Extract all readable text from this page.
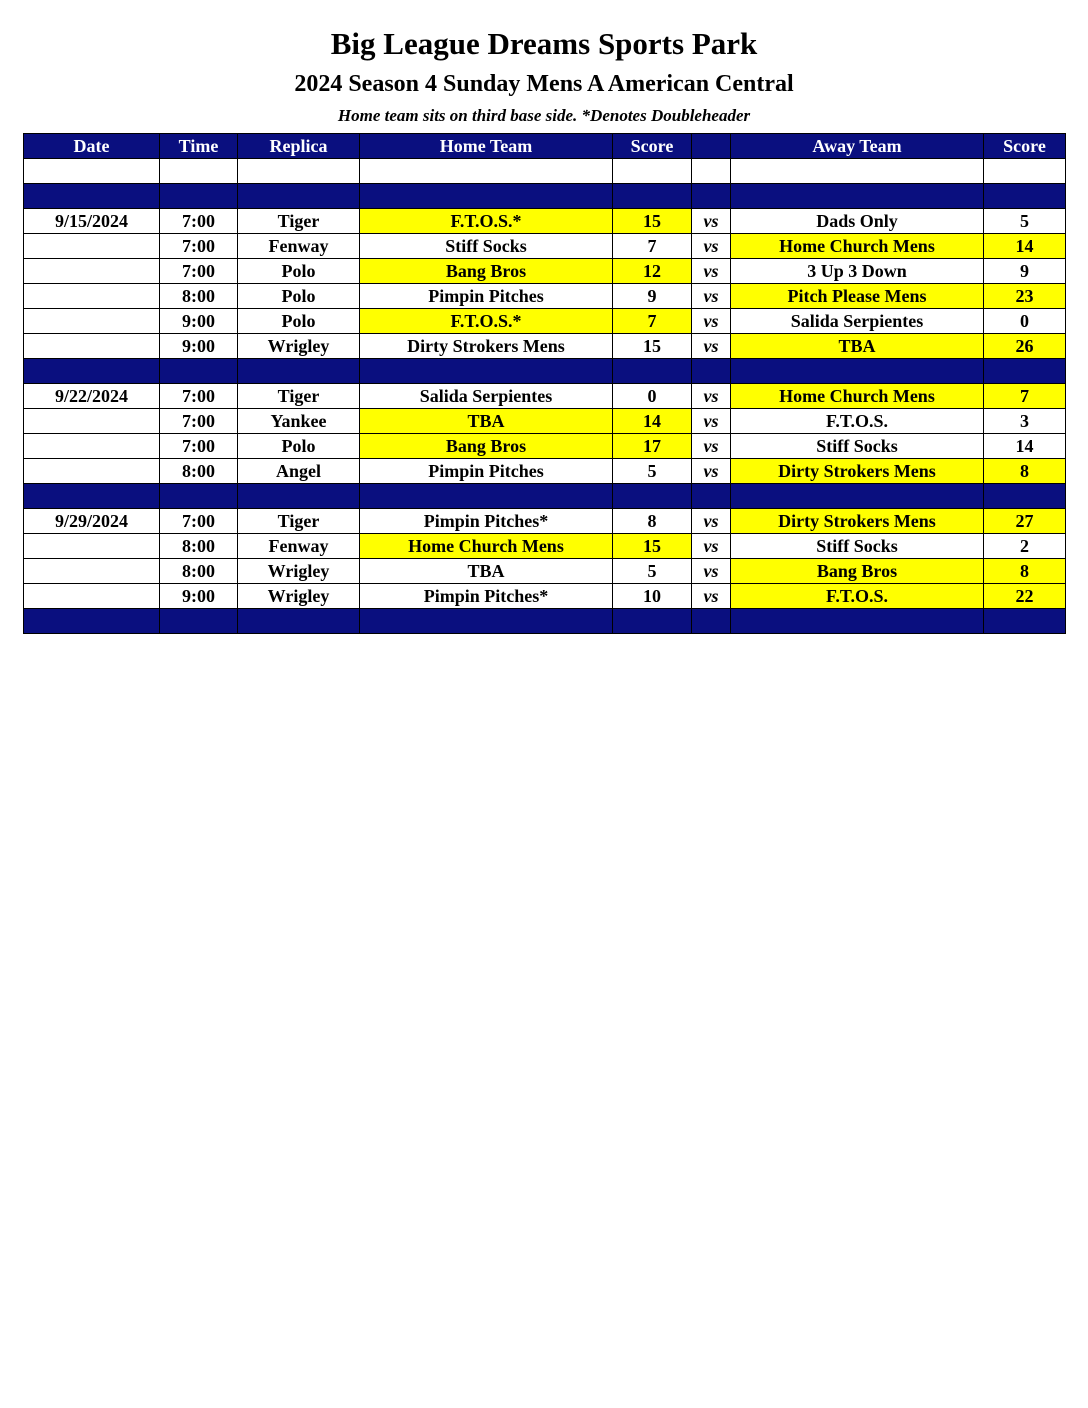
Big League Dreams Sports Park
2024 Season 4 Sunday Mens A American Central
Home team sits on third base side. *Denotes Doubleheader
Date	Time	Replica	Home Team	Score		Away Team	Score

9/15/2024	7:00	Tiger	F.T.O.S.*	15	vs	Dads Only	5
	7:00	Fenway	Stiff Socks	7	vs	Home Church Mens	14
	7:00	Polo	Bang Bros	12	vs	3 Up 3 Down	9
	8:00	Polo	Pimpin Pitches	9	vs	Pitch Please Mens	23
	9:00	Polo	F.T.O.S.*	7	vs	Salida Serpientes	0
	9:00	Wrigley	Dirty Strokers Mens	15	vs	TBA	26

9/22/2024	7:00	Tiger	Salida Serpientes	0	vs	Home Church Mens	7
	7:00	Yankee	TBA	14	vs	F.T.O.S.	3
	7:00	Polo	Bang Bros	17	vs	Stiff Socks	14
	8:00	Angel	Pimpin Pitches	5	vs	Dirty Strokers Mens	8

9/29/2024	7:00	Tiger	Pimpin Pitches*	8	vs	Dirty Strokers Mens	27
	8:00	Fenway	Home Church Mens	15	vs	Stiff Socks	2
	8:00	Wrigley	TBA	5	vs	Bang Bros	8
	9:00	Wrigley	Pimpin Pitches*	10	vs	F.T.O.S.	22
